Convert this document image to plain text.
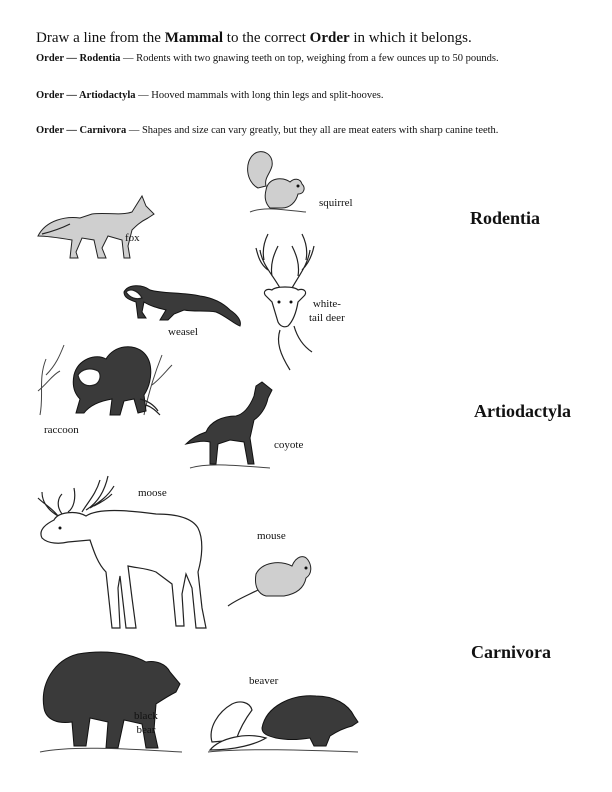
Draw a line from the Mammal to the correct Order in which it belongs.
Order — Rodentia — Rodents with two gnawing teeth on top, weighing from a few ounces up to 50 pounds.
Order — Artiodactyla — Hooved mammals with long thin legs and split-hooves.
Order — Carnivora — Shapes and size can vary greatly, but they all are meat eaters with sharp canine teeth.
Rodentia
Artiodactyla
Carnivora
squirrel
fox
white-
tail deer
weasel
raccoon
coyote
moose
mouse
black
bear
beaver
